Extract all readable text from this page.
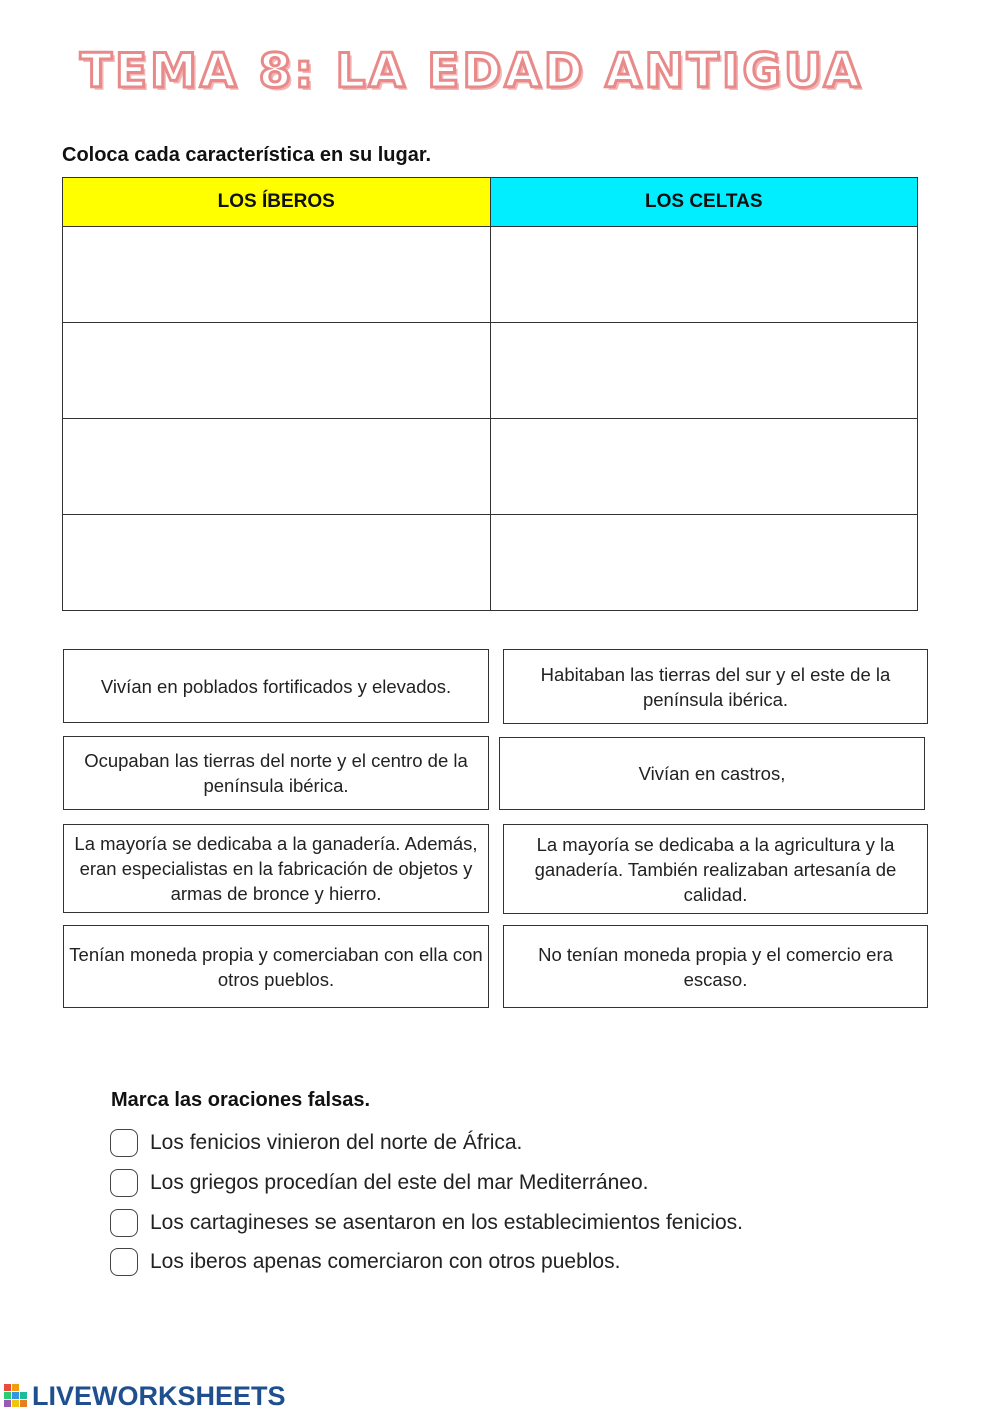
TEMA 8: LA EDAD ANTIGUA
Coloca cada característica en su lugar.
LOS ÍBEROS	LOS CELTAS

Vivían en poblados fortificados y elevados.
Habitaban las tierras del sur y el este de la península ibérica.
Ocupaban las tierras del norte y el centro de la península ibérica.
Vivían en castros,
La mayoría se dedicaba a la ganadería. Además, eran especialistas en la fabricación de objetos y armas de bronce y hierro.
La mayoría se dedicaba a la agricultura y la ganadería. También realizaban artesanía de calidad.
Tenían moneda propia y comerciaban con ella con otros pueblos.
No tenían moneda propia y el comercio era escaso.
Marca las oraciones falsas.
Los fenicios vinieron del norte de África.
Los griegos procedían del este del mar Mediterráneo.
Los cartagineses se asentaron en los establecimientos fenicios.
Los iberos apenas comerciaron con otros pueblos.
LIVEWORKSHEETS
